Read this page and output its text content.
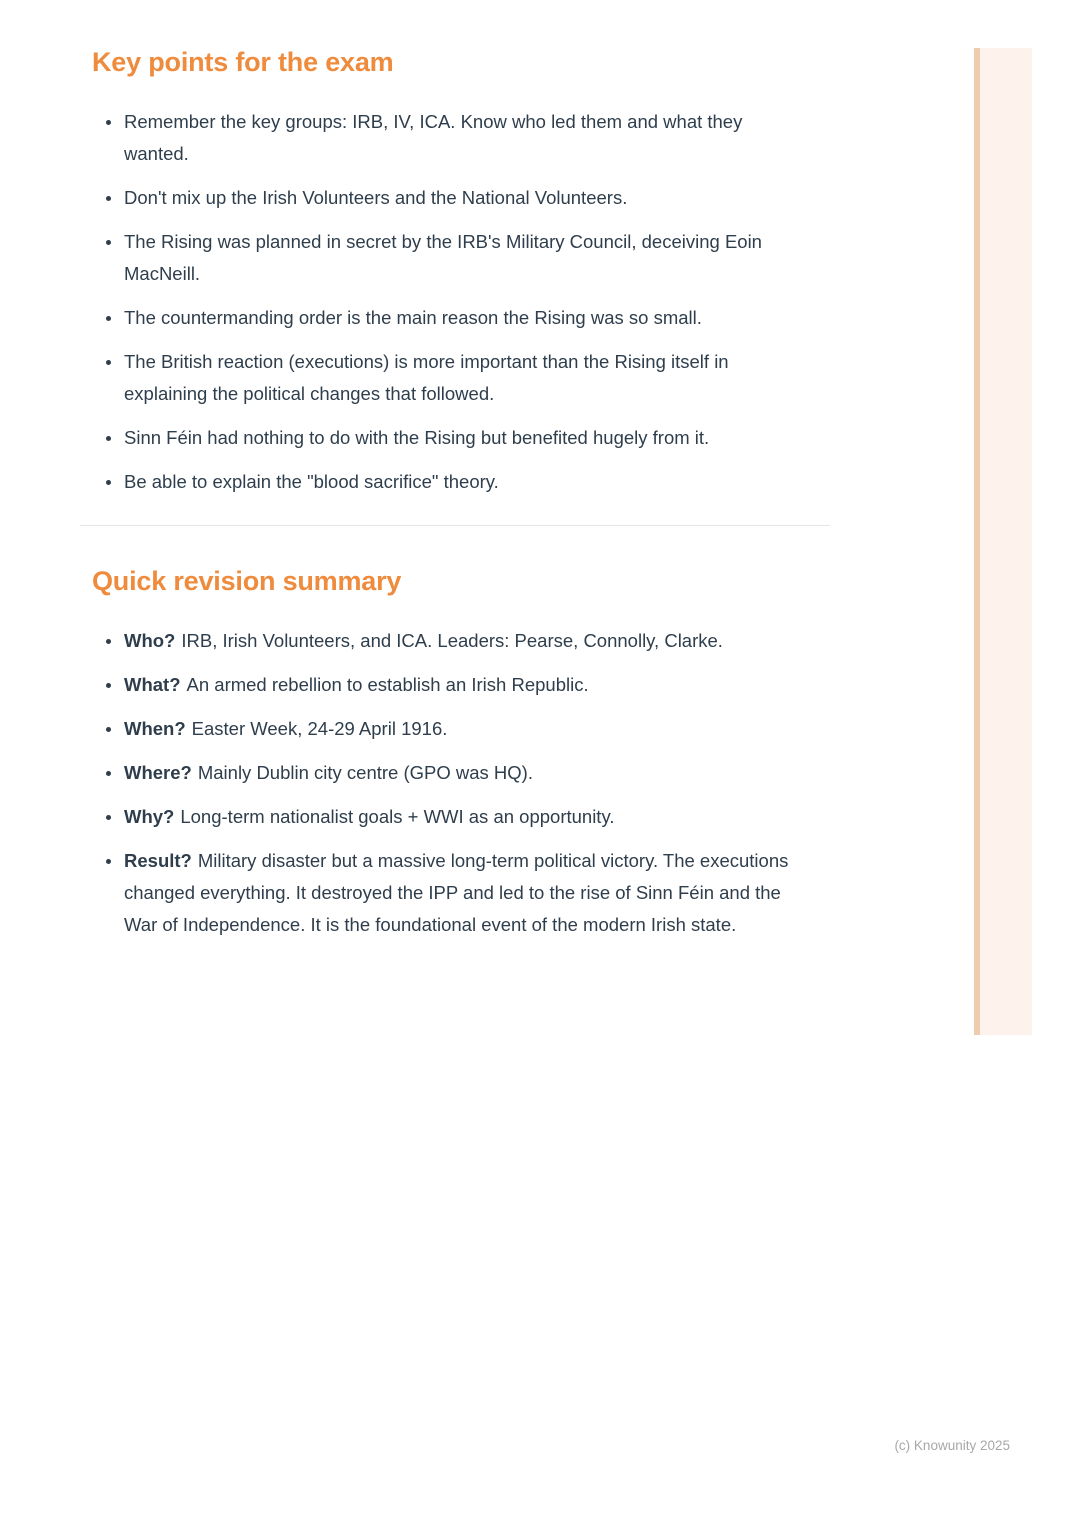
Key points for the exam
Remember the key groups: IRB, IV, ICA. Know who led them and what they wanted.
Don't mix up the Irish Volunteers and the National Volunteers.
The Rising was planned in secret by the IRB's Military Council, deceiving Eoin MacNeill.
The countermanding order is the main reason the Rising was so small.
The British reaction (executions) is more important than the Rising itself in explaining the political changes that followed.
Sinn Féin had nothing to do with the Rising but benefited hugely from it.
Be able to explain the "blood sacrifice" theory.
Quick revision summary
Who? IRB, Irish Volunteers, and ICA. Leaders: Pearse, Connolly, Clarke.
What? An armed rebellion to establish an Irish Republic.
When? Easter Week, 24-29 April 1916.
Where? Mainly Dublin city centre (GPO was HQ).
Why? Long-term nationalist goals + WWI as an opportunity.
Result? Military disaster but a massive long-term political victory. The executions changed everything. It destroyed the IPP and led to the rise of Sinn Féin and the War of Independence. It is the foundational event of the modern Irish state.
(c) Knowunity 2025
